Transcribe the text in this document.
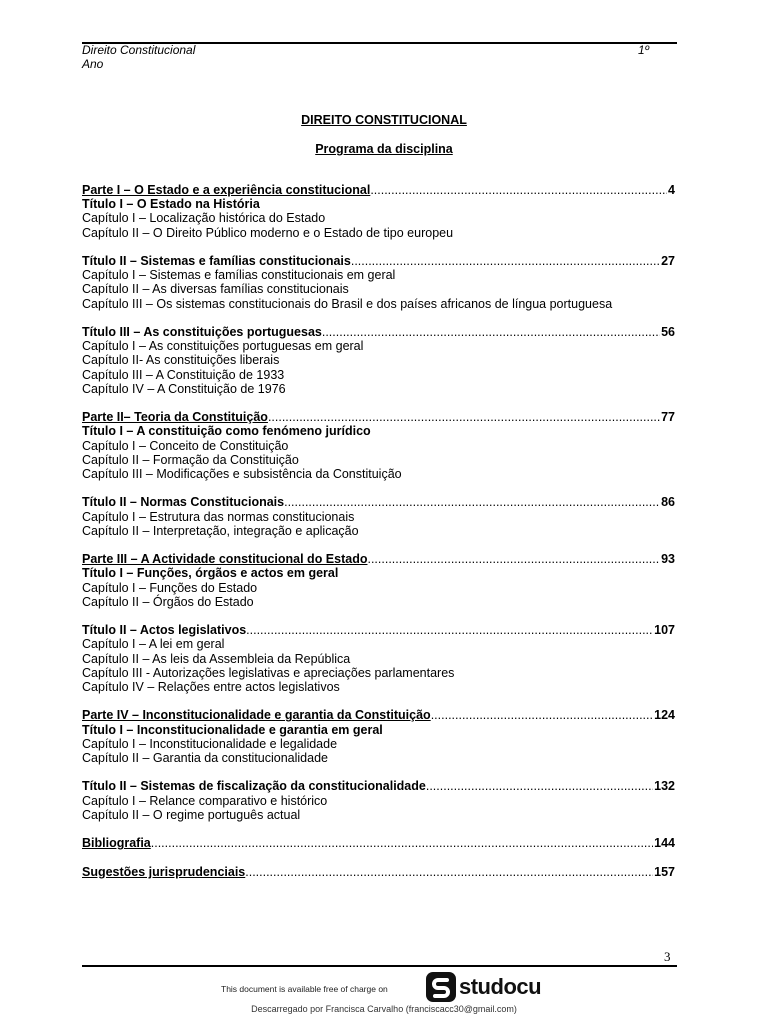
Direito Constitucional
Ano
1º
DIREITO CONSTITUCIONAL
Programa da disciplina
Parte I – O Estado e a experiência constitucional .....	4
Título I – O Estado na História
Capítulo I – Localização histórica do Estado
Capítulo II – O Direito Público moderno e o Estado de tipo europeu
Título II – Sistemas e famílias constitucionais .....	27
Capítulo I – Sistemas e famílias constitucionais em geral
Capítulo II – As diversas famílias constitucionais
Capítulo III – Os sistemas constitucionais do Brasil e dos países africanos de língua portuguesa
Título III – As constituições portuguesas .....	56
Capítulo I – As constituições portuguesas em geral
Capítulo II- As constituições liberais
Capítulo III – A Constituição de 1933
Capítulo IV – A Constituição de 1976
Parte II– Teoria da Constituição .....	77
Título I – A constituição como fenómeno jurídico
Capítulo I – Conceito de Constituição
Capítulo II – Formação da Constituição
Capítulo III – Modificações e subsistência da Constituição
Título II – Normas Constitucionais .....	86
Capítulo I – Estrutura das normas constitucionais
Capítulo II – Interpretação, integração e aplicação
Parte III – A Actividade constitucional do Estado .....	93
Título I – Funções, órgãos e actos em geral
Capítulo I – Funções do Estado
Capítulo II – Órgãos do Estado
Título II – Actos legislativos .....	107
Capítulo I – A lei em geral
Capítulo II – As leis da Assembleia da República
Capítulo III - Autorizações legislativas e apreciações parlamentares
Capítulo IV – Relações entre actos legislativos
Parte IV – Inconstitucionalidade e garantia da Constituição .....	124
Título I – Inconstitucionalidade e garantia em geral
Capítulo I – Inconstitucionalidade e legalidade
Capítulo II – Garantia da constitucionalidade
Título II – Sistemas de fiscalização da constitucionalidade .....	132
Capítulo I – Relance comparativo e histórico
Capítulo II – O regime português actual
Bibliografia .....	144
Sugestões jurisprudenciais .....	157
3
This document is available free of charge on	studocu
Descarregado por Francisca Carvalho (franciscacc30@gmail.com)
